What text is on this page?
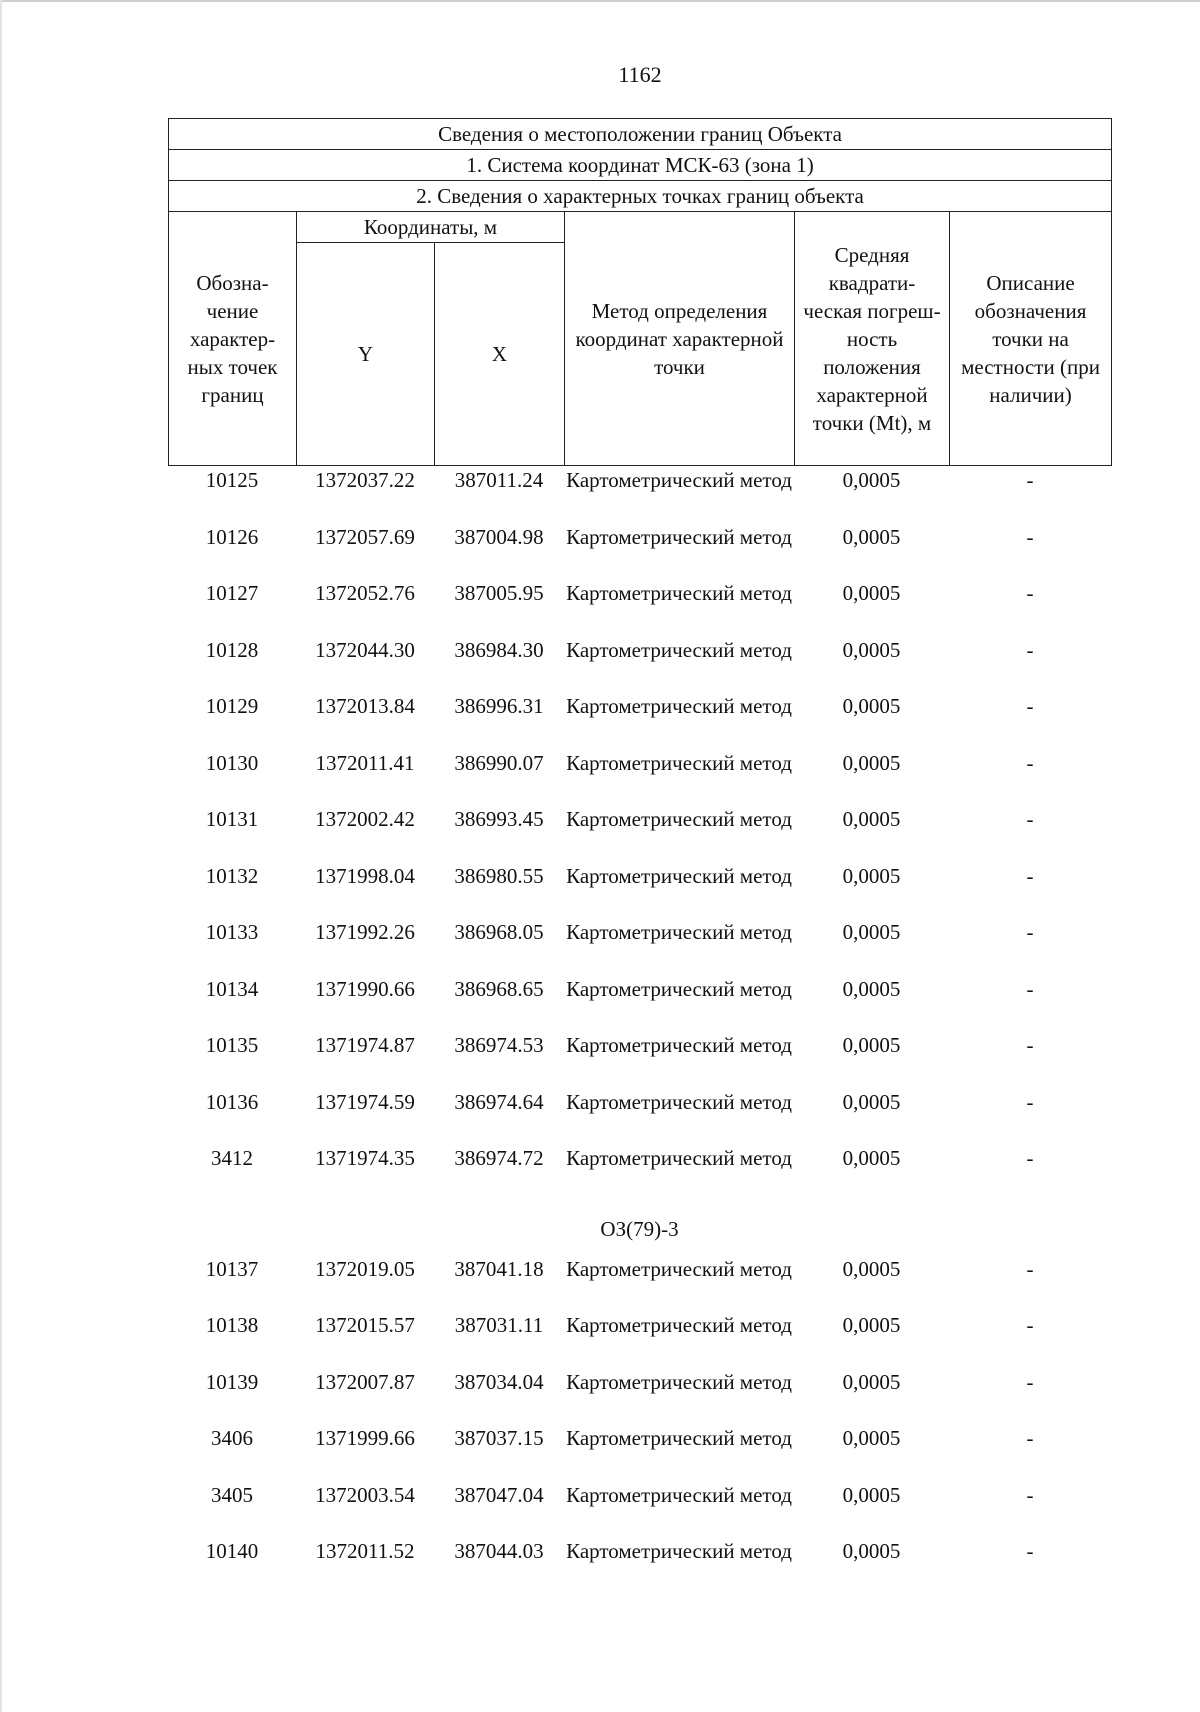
1162
Сведения о местоположении границ Объекта					
1. Система координат МСК-63 (зона 1)					
2. Сведения о характерных точках границ объекта					

Обозна-чение характер-ных точек границ	Координаты, м		Метод определения координат характерной точки	Средняя квадрати-ческая погреш-ность положения характерной точки (Mt), м	Описание обозначения точки на местности (при наличии)

	Y	X			
10125	1372037.22	387011.24	Картометрический метод	0,0005	-
10126	1372057.69	387004.98	Картометрический метод	0,0005	-
10127	1372052.76	387005.95	Картометрический метод	0,0005	-
10128	1372044.30	386984.30	Картометрический метод	0,0005	-
10129	1372013.84	386996.31	Картометрический метод	0,0005	-
10130	1372011.41	386990.07	Картометрический метод	0,0005	-
10131	1372002.42	386993.45	Картометрический метод	0,0005	-
10132	1371998.04	386980.55	Картометрический метод	0,0005	-
10133	1371992.26	386968.05	Картометрический метод	0,0005	-
10134	1371990.66	386968.65	Картометрический метод	0,0005	-
10135	1371974.87	386974.53	Картометрический метод	0,0005	-
10136	1371974.59	386974.64	Картометрический метод	0,0005	-
3412	1371974.35	386974.72	Картометрический метод	0,0005	-
ОЗ(79)-3
10137	1372019.05	387041.18	Картометрический метод	0,0005	-
10138	1372015.57	387031.11	Картометрический метод	0,0005	-
10139	1372007.87	387034.04	Картометрический метод	0,0005	-
3406	1371999.66	387037.15	Картометрический метод	0,0005	-
3405	1372003.54	387047.04	Картометрический метод	0,0005	-
10140	1372011.52	387044.03	Картометрический метод	0,0005	-
